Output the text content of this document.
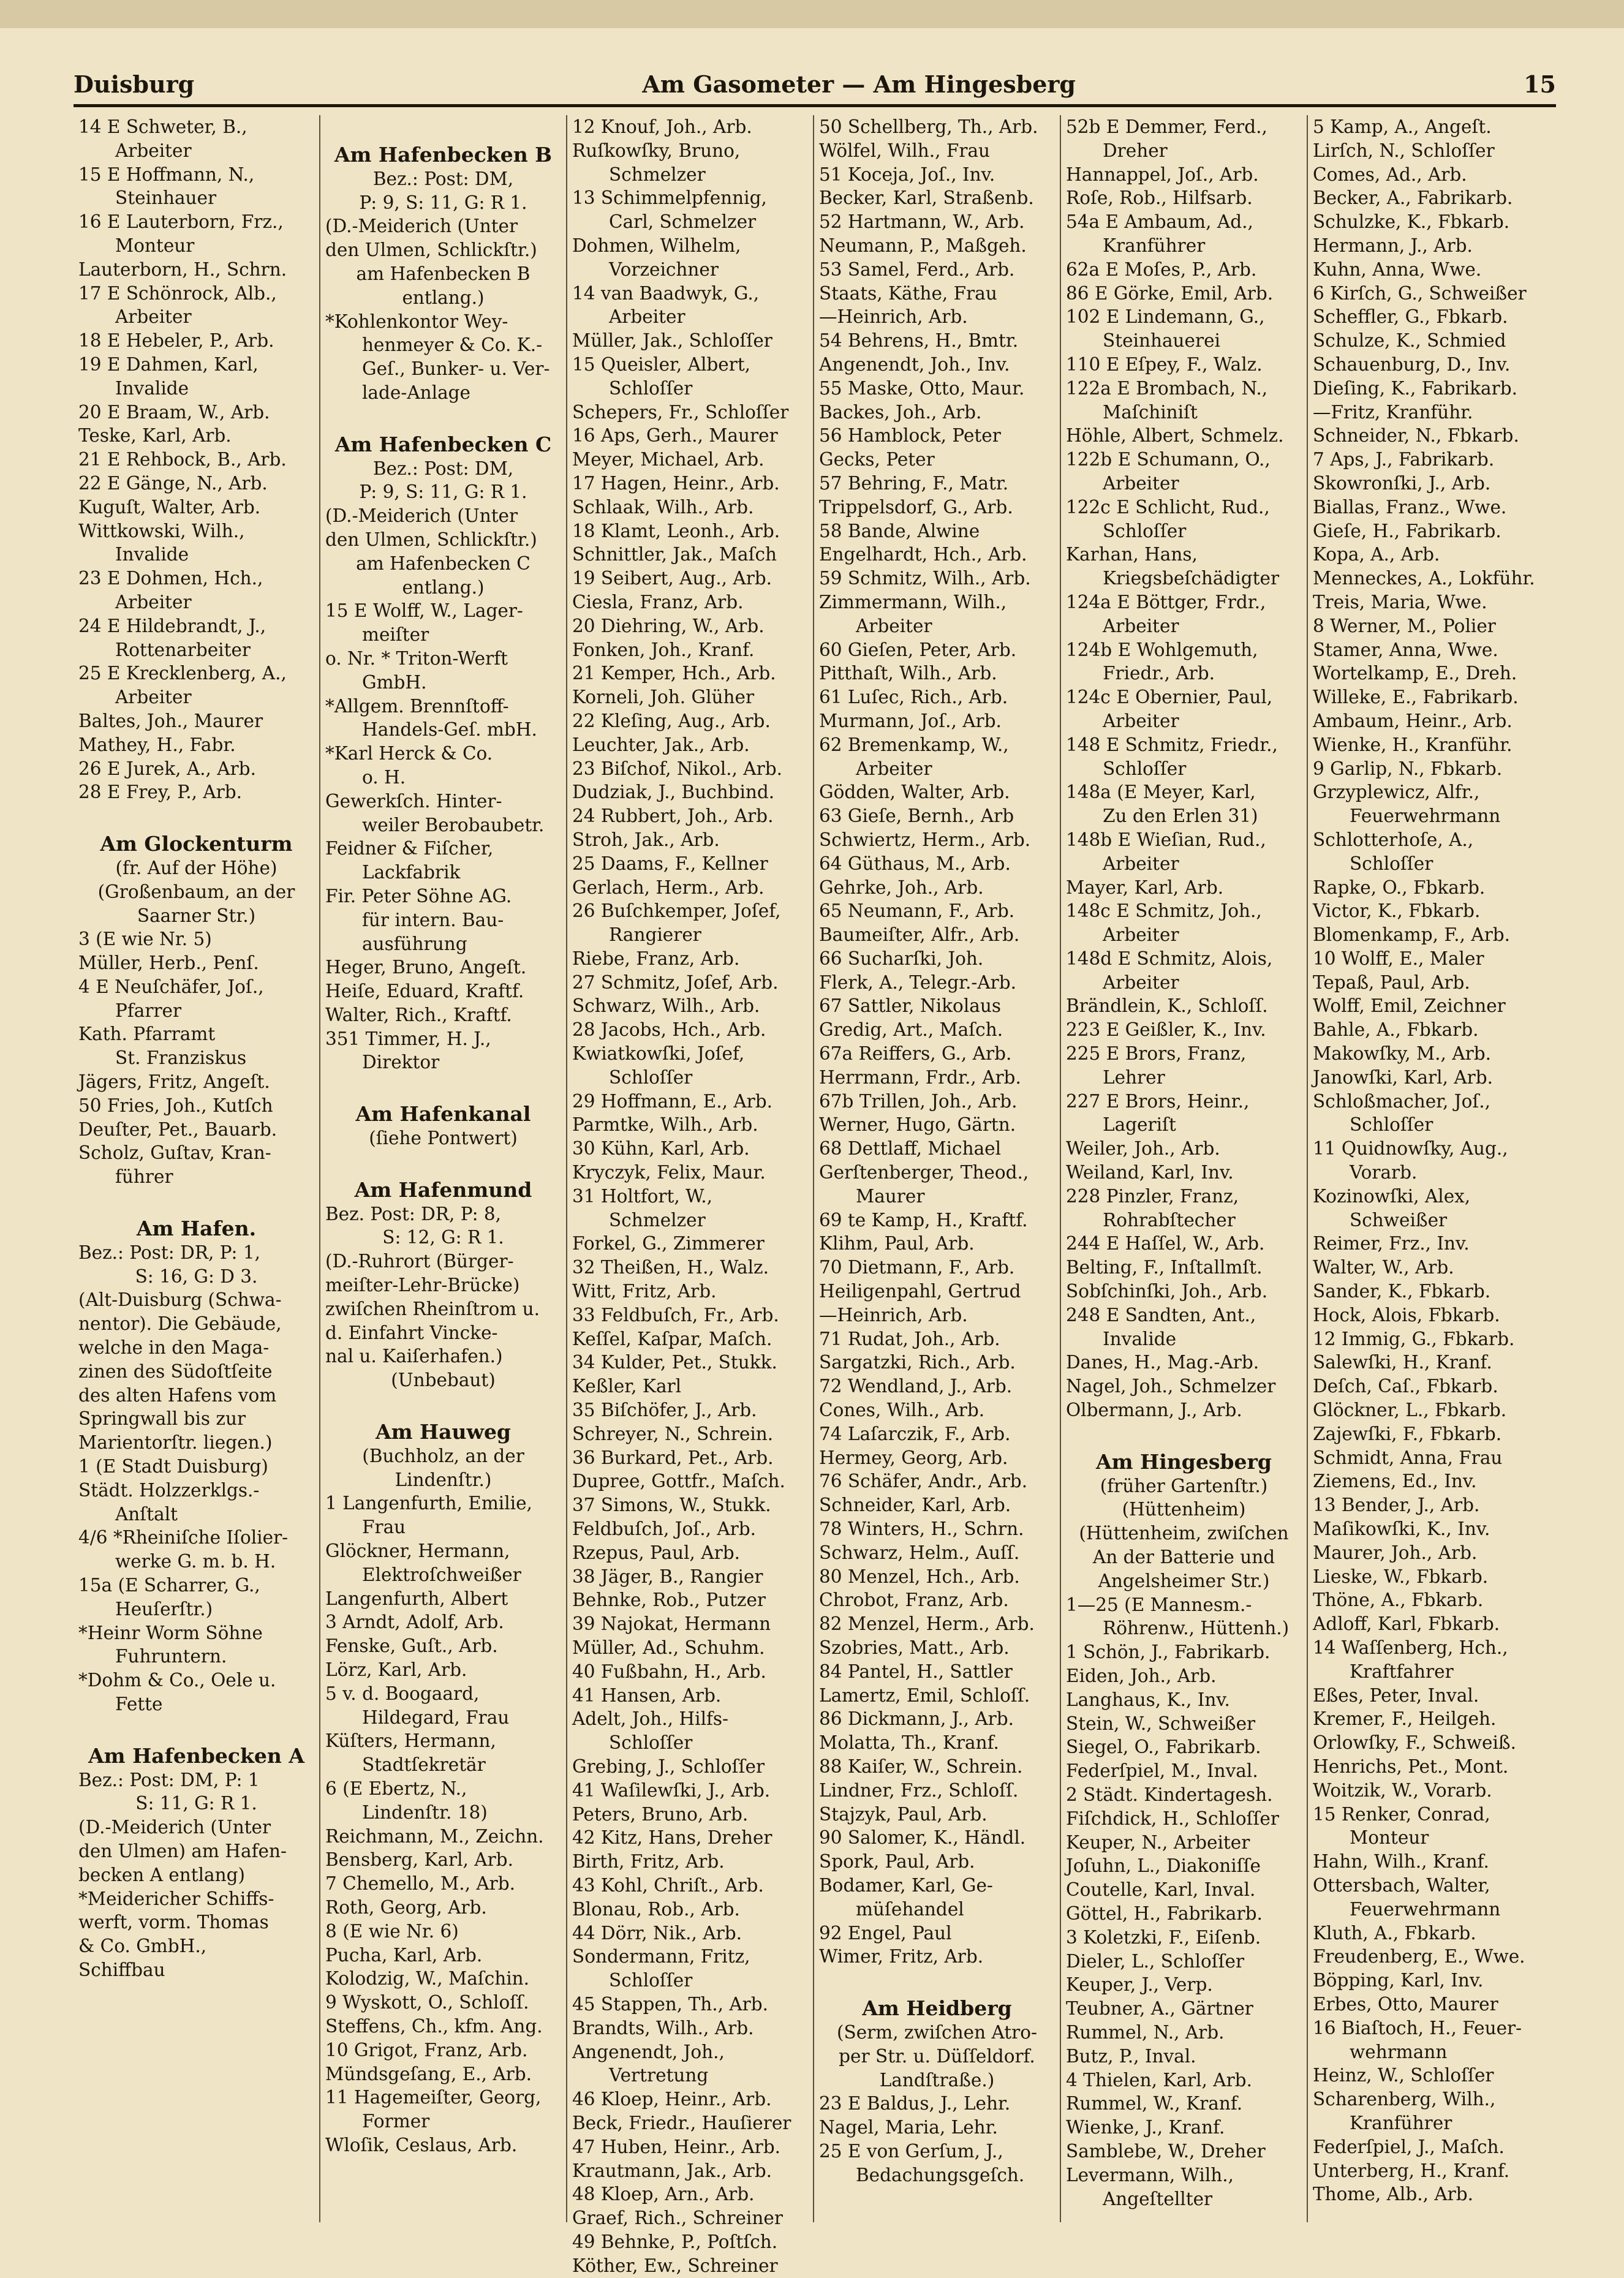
Duisburg	Am Gasometer — Am Hingesberg	15
14 E Schweter, B.,
Arbeiter
15 E Hoffmann, N.,
Steinhauer
16 E Lauterborn, Frz.,
Monteur
Lauterborn, H., Schrn.
17 E Schönrock, Alb.,
Arbeiter
18 E Hebeler, P., Arb.
19 E Dahmen, Karl,
Invalide
20 E Braam, W., Arb.
Teske, Karl, Arb.
21 E Rehbock, B., Arb.
22 E Gänge, N., Arb.
Kuguſt, Walter, Arb.
Wittkowski, Wilh.,
Invalide
23 E Dohmen, Hch.,
Arbeiter
24 E Hildebrandt, J.,
Rottenarbeiter
25 E Krecklenberg, A.,
Arbeiter
Baltes, Joh., Maurer
Mathey, H., Fabr.
26 E Jurek, A., Arb.
28 E Frey, P., Arb.
Am Glockenturm
(fr. Auf der Höhe)
(Großenbaum, an der
Saarner Str.)
3 (E wie Nr. 5)
Müller, Herb., Penſ.
4 E Neuſchäfer, Joſ.,
Pfarrer
Kath. Pfarramt
St. Franziskus
Jägers, Fritz, Angeſt.
50 Fries, Joh., Kutſch
Deuſter, Pet., Bauarb.
Scholz, Guſtav, Kran-
führer
Am Hafen.
Bez.: Post: DR, P: 1,
S: 16, G: D 3.
(Alt-Duisburg (Schwa-
nentor). Die Gebäude,
welche in den Maga-
zinen des Südoſtſeite
des alten Hafens vom
Springwall bis zur
Marientorſtr. liegen.)
1 (E Stadt Duisburg)
Städt. Holzzerklgs.-
Anſtalt
4/6 *Rheiniſche Iſolier-
werke G. m. b. H.
15a (E Scharrer, G.,
Heuſerſtr.)
*Heinr Worm Söhne
Fuhruntern.
*Dohm & Co., Oele u.
Fette
Am Hafenbecken A
Bez.: Post: DM, P: 1
S: 11, G: R 1.
(D.-Meiderich (Unter
den Ulmen) am Hafen-
becken A entlang)
*Meidericher Schiffs-
werft, vorm. Thomas
& Co. GmbH.,
Schiffbau
Am Hafenbecken B
Bez.: Post: DM,
P: 9, S: 11, G: R 1.
(D.-Meiderich (Unter
den Ulmen, Schlickſtr.)
am Hafenbecken B
entlang.)
*Kohlenkontor Wey-
henmeyer & Co. K.-
Geſ., Bunker- u. Ver-
lade-Anlage
Am Hafenbecken C
Bez.: Post: DM,
P: 9, S: 11, G: R 1.
(D.-Meiderich (Unter
den Ulmen, Schlickſtr.)
am Hafenbecken C
entlang.)
15 E Wolff, W., Lager-
meiſter
o. Nr. * Triton-Werft
GmbH.
*Allgem. Brennſtoff-
Handels-Geſ. mbH.
*Karl Herck & Co.
o. H.
Gewerkſch. Hinter-
weiler Berobaubetr.
Feidner & Fiſcher,
Lackfabrik
Fir. Peter Söhne AG.
für intern. Bau-
ausführung
Heger, Bruno, Angeſt.
Heiſe, Eduard, Kraftf.
Walter, Rich., Kraftf.
351 Timmer, H. J.,
Direktor
Am Hafenkanal
(ſiehe Pontwert)
Am Hafenmund
Bez. Post: DR, P: 8,
S: 12, G: R 1.
(D.-Ruhrort (Bürger-
meiſter-Lehr-Brücke)
zwiſchen Rheinſtrom u.
d. Einfahrt Vincke-
nal u. Kaiſerhafen.)
(Unbebaut)
Am Hauweg
(Buchholz, an der
Lindenſtr.)
1 Langenfurth, Emilie,
Frau
Glöckner, Hermann,
Elektroſchweißer
Langenfurth, Albert
3 Arndt, Adolf, Arb.
Fenske, Guſt., Arb.
Lörz, Karl, Arb.
5 v. d. Boogaard,
Hildegard, Frau
Küſters, Hermann,
Stadtſekretär
6 (E Ebertz, N.,
Lindenſtr. 18)
Reichmann, M., Zeichn.
Bensberg, Karl, Arb.
7 Chemello, M., Arb.
Roth, Georg, Arb.
8 (E wie Nr. 6)
Pucha, Karl, Arb.
Kolodzig, W., Maſchin.
9 Wyskott, O., Schloſſ.
Steffens, Ch., kfm. Ang.
10 Grigot, Franz, Arb.
Mündsgeſang, E., Arb.
11 Hagemeiſter, Georg,
Former
Wloſik, Ceslaus, Arb.
12 Knouf, Joh., Arb.
Ruſkowſky, Bruno,
Schmelzer
13 Schimmelpfennig,
Carl, Schmelzer
Dohmen, Wilhelm,
Vorzeichner
14 van Baadwyk, G.,
Arbeiter
Müller, Jak., Schloſſer
15 Queisler, Albert,
Schloſſer
Schepers, Fr., Schloſſer
16 Aps, Gerh., Maurer
Meyer, Michael, Arb.
17 Hagen, Heinr., Arb.
Schlaak, Wilh., Arb.
18 Klamt, Leonh., Arb.
Schnittler, Jak., Maſch
19 Seibert, Aug., Arb.
Ciesla, Franz, Arb.
20 Diehring, W., Arb.
Fonken, Joh., Kranf.
21 Kemper, Hch., Arb.
Korneli, Joh. Glüher
22 Kleſing, Aug., Arb.
Leuchter, Jak., Arb.
23 Biſchof, Nikol., Arb.
Dudziak, J., Buchbind.
24 Rubbert, Joh., Arb.
Stroh, Jak., Arb.
25 Daams, F., Kellner
Gerlach, Herm., Arb.
26 Buſchkemper, Joſef,
Rangierer
Riebe, Franz, Arb.
27 Schmitz, Joſef, Arb.
Schwarz, Wilh., Arb.
28 Jacobs, Hch., Arb.
Kwiatkowſki, Joſef,
Schloſſer
29 Hoffmann, E., Arb.
Parmtke, Wilh., Arb.
30 Kühn, Karl, Arb.
Kryczyk, Felix, Maur.
31 Holtfort, W.,
Schmelzer
Forkel, G., Zimmerer
32 Theißen, H., Walz.
Witt, Fritz, Arb.
33 Feldbuſch, Fr., Arb.
Keſſel, Kaſpar, Maſch.
34 Kulder, Pet., Stukk.
Keßler, Karl
35 Biſchöfer, J., Arb.
Schreyer, N., Schrein.
36 Burkard, Pet., Arb.
Dupree, Gottfr., Maſch.
37 Simons, W., Stukk.
Feldbuſch, Joſ., Arb.
Rzepus, Paul, Arb.
38 Jäger, B., Rangier
Behnke, Rob., Putzer
39 Najokat, Hermann
Müller, Ad., Schuhm.
40 Fußbahn, H., Arb.
41 Hansen, Arb.
Adelt, Joh., Hilfs-
Schloſſer
Grebing, J., Schloſſer
41 Waſilewſki, J., Arb.
Peters, Bruno, Arb.
42 Kitz, Hans, Dreher
Birth, Fritz, Arb.
43 Kohl, Chriſt., Arb.
Blonau, Rob., Arb.
44 Dörr, Nik., Arb.
Sondermann, Fritz,
Schloſſer
45 Stappen, Th., Arb.
Brandts, Wilh., Arb.
Angenendt, Joh.,
Vertretung
46 Kloep, Heinr., Arb.
Beck, Friedr., Hauſierer
47 Huben, Heinr., Arb.
Krautmann, Jak., Arb.
48 Kloep, Arn., Arb.
Graef, Rich., Schreiner
49 Behnke, P., Poſtſch.
Köther, Ew., Schreiner
50 Schellberg, Th., Arb.
Wölfel, Wilh., Frau
51 Koceja, Joſ., Inv.
Becker, Karl, Straßenb.
52 Hartmann, W., Arb.
Neumann, P., Maßgeh.
53 Samel, Ferd., Arb.
Staats, Käthe, Frau
—Heinrich, Arb.
54 Behrens, H., Bmtr.
Angenendt, Joh., Inv.
55 Maske, Otto, Maur.
Backes, Joh., Arb.
56 Hamblock, Peter
Gecks, Peter
57 Behring, F., Matr.
Trippelsdorf, G., Arb.
58 Bande, Alwine
Engelhardt, Hch., Arb.
59 Schmitz, Wilh., Arb.
Zimmermann, Wilh.,
Arbeiter
60 Gieſen, Peter, Arb.
Pitthaſt, Wilh., Arb.
61 Luſec, Rich., Arb.
Murmann, Joſ., Arb.
62 Bremenkamp, W.,
Arbeiter
Gödden, Walter, Arb.
63 Gieſe, Bernh., Arb
Schwiertz, Herm., Arb.
64 Güthaus, M., Arb.
Gehrke, Joh., Arb.
65 Neumann, F., Arb.
Baumeiſter, Alfr., Arb.
66 Sucharſki, Joh.
Flerk, A., Telegr.-Arb.
67 Sattler, Nikolaus
Gredig, Art., Maſch.
67a Reiffers, G., Arb.
Herrmann, Frdr., Arb.
67b Trillen, Joh., Arb.
Werner, Hugo, Gärtn.
68 Dettlaff, Michael
Gerſtenberger, Theod.,
Maurer
69 te Kamp, H., Kraftf.
Klihm, Paul, Arb.
70 Dietmann, F., Arb.
Heiligenpahl, Gertrud
—Heinrich, Arb.
71 Rudat, Joh., Arb.
Sargatzki, Rich., Arb.
72 Wendland, J., Arb.
Cones, Wilh., Arb.
74 Laſarczik, F., Arb.
Hermey, Georg, Arb.
76 Schäfer, Andr., Arb.
Schneider, Karl, Arb.
78 Winters, H., Schrn.
Schwarz, Helm., Auſſ.
80 Menzel, Hch., Arb.
Chrobot, Franz, Arb.
82 Menzel, Herm., Arb.
Szobries, Matt., Arb.
84 Pantel, H., Sattler
Lamertz, Emil, Schloſſ.
86 Dickmann, J., Arb.
Molatta, Th., Kranf.
88 Kaiſer, W., Schrein.
Lindner, Frz., Schloſſ.
Stajzyk, Paul, Arb.
90 Salomer, K., Händl.
Spork, Paul, Arb.
Bodamer, Karl, Ge-
müſehandel
92 Engel, Paul
Wimer, Fritz, Arb.
Am Heidberg
(Serm, zwiſchen Atro-
per Str. u. Düſſeldorf.
Landſtraße.)
23 E Baldus, J., Lehr.
Nagel, Maria, Lehr.
25 E von Gerſum, J.,
Bedachungsgeſch.
52b E Demmer, Ferd.,
Dreher
Hannappel, Joſ., Arb.
Roſe, Rob., Hilfsarb.
54a E Ambaum, Ad.,
Kranführer
62a E Moſes, P., Arb.
86 E Görke, Emil, Arb.
102 E Lindemann, G.,
Steinhauerei
110 E Eſpey, F., Walz.
122a E Brombach, N.,
Maſchiniſt
Höhle, Albert, Schmelz.
122b E Schumann, O.,
Arbeiter
122c E Schlicht, Rud.,
Schloſſer
Karhan, Hans,
Kriegsbeſchädigter
124a E Böttger, Frdr.,
Arbeiter
124b E Wohlgemuth,
Friedr., Arb.
124c E Obernier, Paul,
Arbeiter
148 E Schmitz, Friedr.,
Schloſſer
148a (E Meyer, Karl,
Zu den Erlen 31)
148b E Wieſian, Rud.,
Arbeiter
Mayer, Karl, Arb.
148c E Schmitz, Joh.,
Arbeiter
148d E Schmitz, Alois,
Arbeiter
Brändlein, K., Schloſſ.
223 E Geißler, K., Inv.
225 E Brors, Franz,
Lehrer
227 E Brors, Heinr.,
Lageriſt
Weiler, Joh., Arb.
Weiland, Karl, Inv.
228 Pinzler, Franz,
Rohrabſtecher
244 E Haſſel, W., Arb.
Belting, F., Inſtallmſt.
Sobſchinſki, Joh., Arb.
248 E Sandten, Ant.,
Invalide
Danes, H., Mag.-Arb.
Nagel, Joh., Schmelzer
Olbermann, J., Arb.
Am Hingesberg
(früher Gartenſtr.)
(Hüttenheim)
(Hüttenheim, zwiſchen
An der Batterie und
Angelsheimer Str.)
1—25 (E Mannesm.-
Röhrenw., Hüttenh.)
1 Schön, J., Fabrikarb.
Eiden, Joh., Arb.
Langhaus, K., Inv.
Stein, W., Schweißer
Siegel, O., Fabrikarb.
Federſpiel, M., Inval.
2 Städt. Kindertagesh.
Fiſchdick, H., Schloſſer
Keuper, N., Arbeiter
Joſuhn, L., Diakoniſſe
Coutelle, Karl, Inval.
Göttel, H., Fabrikarb.
3 Koletzki, F., Eiſenb.
Dieler, L., Schloſſer
Keuper, J., Verp.
Teubner, A., Gärtner
Rummel, N., Arb.
Butz, P., Inval.
4 Thielen, Karl, Arb.
Rummel, W., Kranf.
Wienke, J., Kranf.
Samblebe, W., Dreher
Levermann, Wilh.,
Angeſtellter
5 Kamp, A., Angeſt.
Lirſch, N., Schloſſer
Comes, Ad., Arb.
Becker, A., Fabrikarb.
Schulzke, K., Fbkarb.
Hermann, J., Arb.
Kuhn, Anna, Wwe.
6 Kirſch, G., Schweißer
Scheffler, G., Fbkarb.
Schulze, K., Schmied
Schauenburg, D., Inv.
Dieſing, K., Fabrikarb.
—Fritz, Kranführ.
Schneider, N., Fbkarb.
7 Aps, J., Fabrikarb.
Skowronſki, J., Arb.
Biallas, Franz., Wwe.
Gieſe, H., Fabrikarb.
Kopa, A., Arb.
Menneckes, A., Lokführ.
Treis, Maria, Wwe.
8 Werner, M., Polier
Stamer, Anna, Wwe.
Wortelkamp, E., Dreh.
Willeke, E., Fabrikarb.
Ambaum, Heinr., Arb.
Wienke, H., Kranführ.
9 Garlip, N., Fbkarb.
Grzyplewicz, Alfr.,
Feuerwehrmann
Schlotterhoſe, A.,
Schloſſer
Rapke, O., Fbkarb.
Victor, K., Fbkarb.
Blomenkamp, F., Arb.
10 Wolff, E., Maler
Tepaß, Paul, Arb.
Wolff, Emil, Zeichner
Bahle, A., Fbkarb.
Makowſky, M., Arb.
Janowſki, Karl, Arb.
Schloßmacher, Joſ.,
Schloſſer
11 Quidnowſky, Aug.,
Vorarb.
Kozinowſki, Alex,
Schweißer
Reimer, Frz., Inv.
Walter, W., Arb.
Sander, K., Fbkarb.
Hock, Alois, Fbkarb.
12 Immig, G., Fbkarb.
Salewſki, H., Kranf.
Deſch, Caſ., Fbkarb.
Glöckner, L., Fbkarb.
Zajewſki, F., Fbkarb.
Schmidt, Anna, Frau
Ziemens, Ed., Inv.
13 Bender, J., Arb.
Maſikowſki, K., Inv.
Maurer, Joh., Arb.
Lieske, W., Fbkarb.
Thöne, A., Fbkarb.
Adloff, Karl, Fbkarb.
14 Waſſenberg, Hch.,
Kraftfahrer
Eßes, Peter, Inval.
Kremer, F., Heilgeh.
Orlowſky, F., Schweiß.
Henrichs, Pet., Mont.
Woitzik, W., Vorarb.
15 Renker, Conrad,
Monteur
Hahn, Wilh., Kranf.
Ottersbach, Walter,
Feuerwehrmann
Kluth, A., Fbkarb.
Freudenberg, E., Wwe.
Böpping, Karl, Inv.
Erbes, Otto, Maurer
16 Biaſtoch, H., Feuer-
wehrmann
Heinz, W., Schloſſer
Scharenberg, Wilh.,
Kranführer
Federſpiel, J., Maſch.
Unterberg, H., Kranf.
Thome, Alb., Arb.
